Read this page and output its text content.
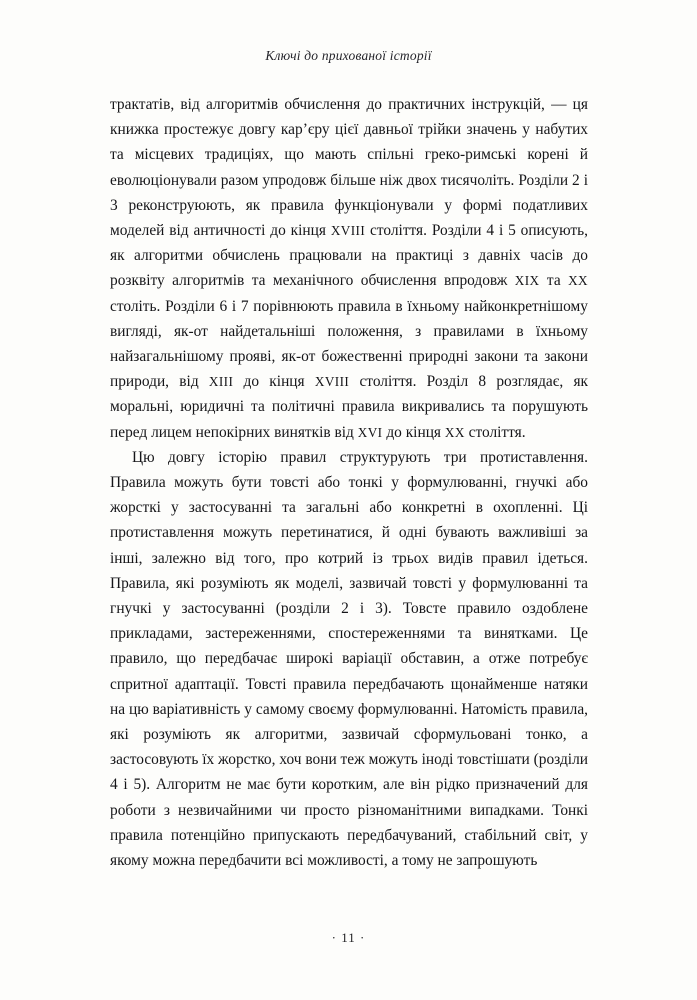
Ключі до прихованої історії

трактатів, від алгоритмів обчислення до практичних інструкцій, — ця книжка простежує довгу кар’єру цієї давньої трійки значень у набутих та місцевих традиціях, що мають спільні греко-римські корені й еволюціонували разом упродовж більше ніж двох тисячоліть. Розділи 2 і 3 реконструюють, як правила функціонували у формі податливих моделей від античності до кінця XVIII століття. Розділи 4 і 5 описують, як алгоритми обчислень працювали на практиці з давніх часів до розквіту алгоритмів та механічного обчислення впродовж XIX та XX століть. Розділи 6 і 7 порівнюють правила в їхньому найконкретнішому вигляді, як-от найдетальніші положення, з правилами в їхньому найзагальнішому прояві, як-от божественні природні закони та закони природи, від XIII до кінця XVIII століття. Розділ 8 розглядає, як моральні, юридичні та політичні правила викривались та порушують перед лицем непокірних винятків від XVI до кінця XX століття.

Цю довгу історію правил структурують три протиставлення. Правила можуть бути товсті або тонкі у формулюванні, гнучкі або жорсткі у застосуванні та загальні або конкретні в охопленні. Ці протиставлення можуть перетинатися, й одні бувають важливіші за інші, залежно від того, про котрий із трьох видів правил ідеться. Правила, які розуміють як моделі, зазвичай товсті у формулюванні та гнучкі у застосуванні (розділи 2 і 3). Товсте правило оздоблене прикладами, застереженнями, спостереженнями та винятками. Це правило, що передбачає широкі варіації обставин, а отже потребує спритної адаптації. Товсті правила передбачають щонайменше натяки на цю варіативність у самому своєму формулюванні. Натомість правила, які розуміють як алгоритми, зазвичай сформульовані тонко, а застосовують їх жорстко, хоч вони теж можуть іноді товстішати (розділи 4 і 5). Алгоритм не має бути коротким, але він рідко призначений для роботи з незвичайними чи просто різноманітними випадками. Тонкі правила потенційно припускають передбачуваний, стабільний світ, у якому можна передбачити всі можливості, а тому не запрошують

· 11 ·
